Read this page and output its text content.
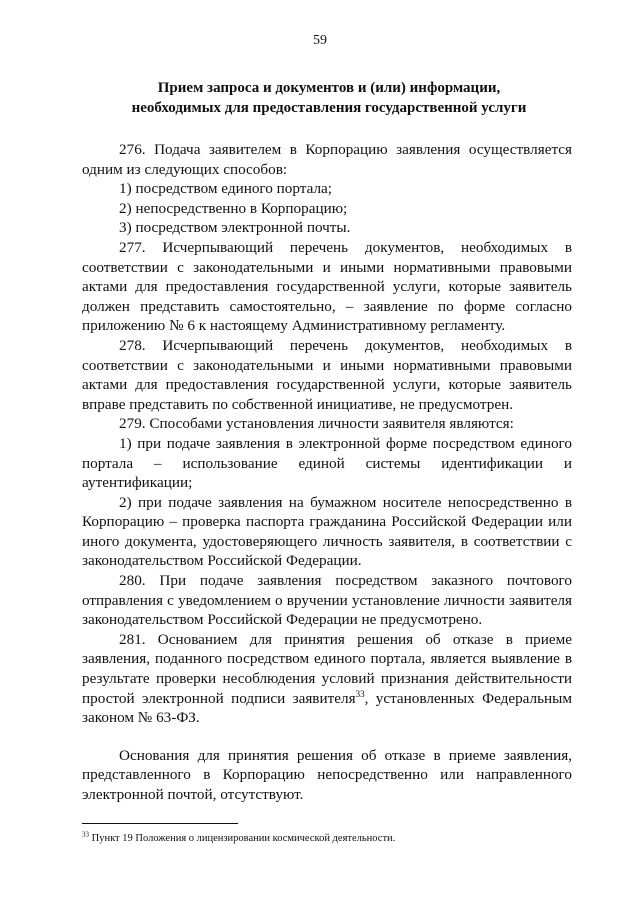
59
Прием запроса и документов и (или) информации,
необходимых для предоставления государственной услуги

276. Подача заявителем в Корпорацию заявления осуществляется одним из следующих способов:

1) посредством единого портала;

2) непосредственно в Корпорацию;

3) посредством электронной почты.

277. Исчерпывающий перечень документов, необходимых в соответствии с законодательными и иными нормативными правовыми актами для предоставления государственной услуги, которые заявитель должен представить самостоятельно, – заявление по форме согласно приложению № 6 к настоящему Административному регламенту.

278. Исчерпывающий перечень документов, необходимых в соответствии с законодательными и иными нормативными правовыми актами для предоставления государственной услуги, которые заявитель вправе представить по собственной инициативе, не предусмотрен.

279. Способами установления личности заявителя являются:

1) при подаче заявления в электронной форме посредством единого портала – использование единой системы идентификации и аутентификации;

2) при подаче заявления на бумажном носителе непосредственно в Корпорацию – проверка паспорта гражданина Российской Федерации или иного документа, удостоверяющего личность заявителя, в соответствии с законодательством Российской Федерации.

280. При подаче заявления посредством заказного почтового отправления с уведомлением о вручении установление личности заявителя законодательством Российской Федерации не предусмотрено.

281. Основанием для принятия решения об отказе в приеме заявления, поданного посредством единого портала, является выявление в результате проверки несоблюдения условий признания действительности простой электронной подписи заявителя$^{33}$, установленных Федеральным законом № 63-ФЗ.

Основания для принятия решения об отказе в приеме заявления, представленного в Корпорацию непосредственно или направленного электронной почтой, отсутствуют.

$^{33}$ Пункт 19 Положения о лицензировании космической деятельности.
